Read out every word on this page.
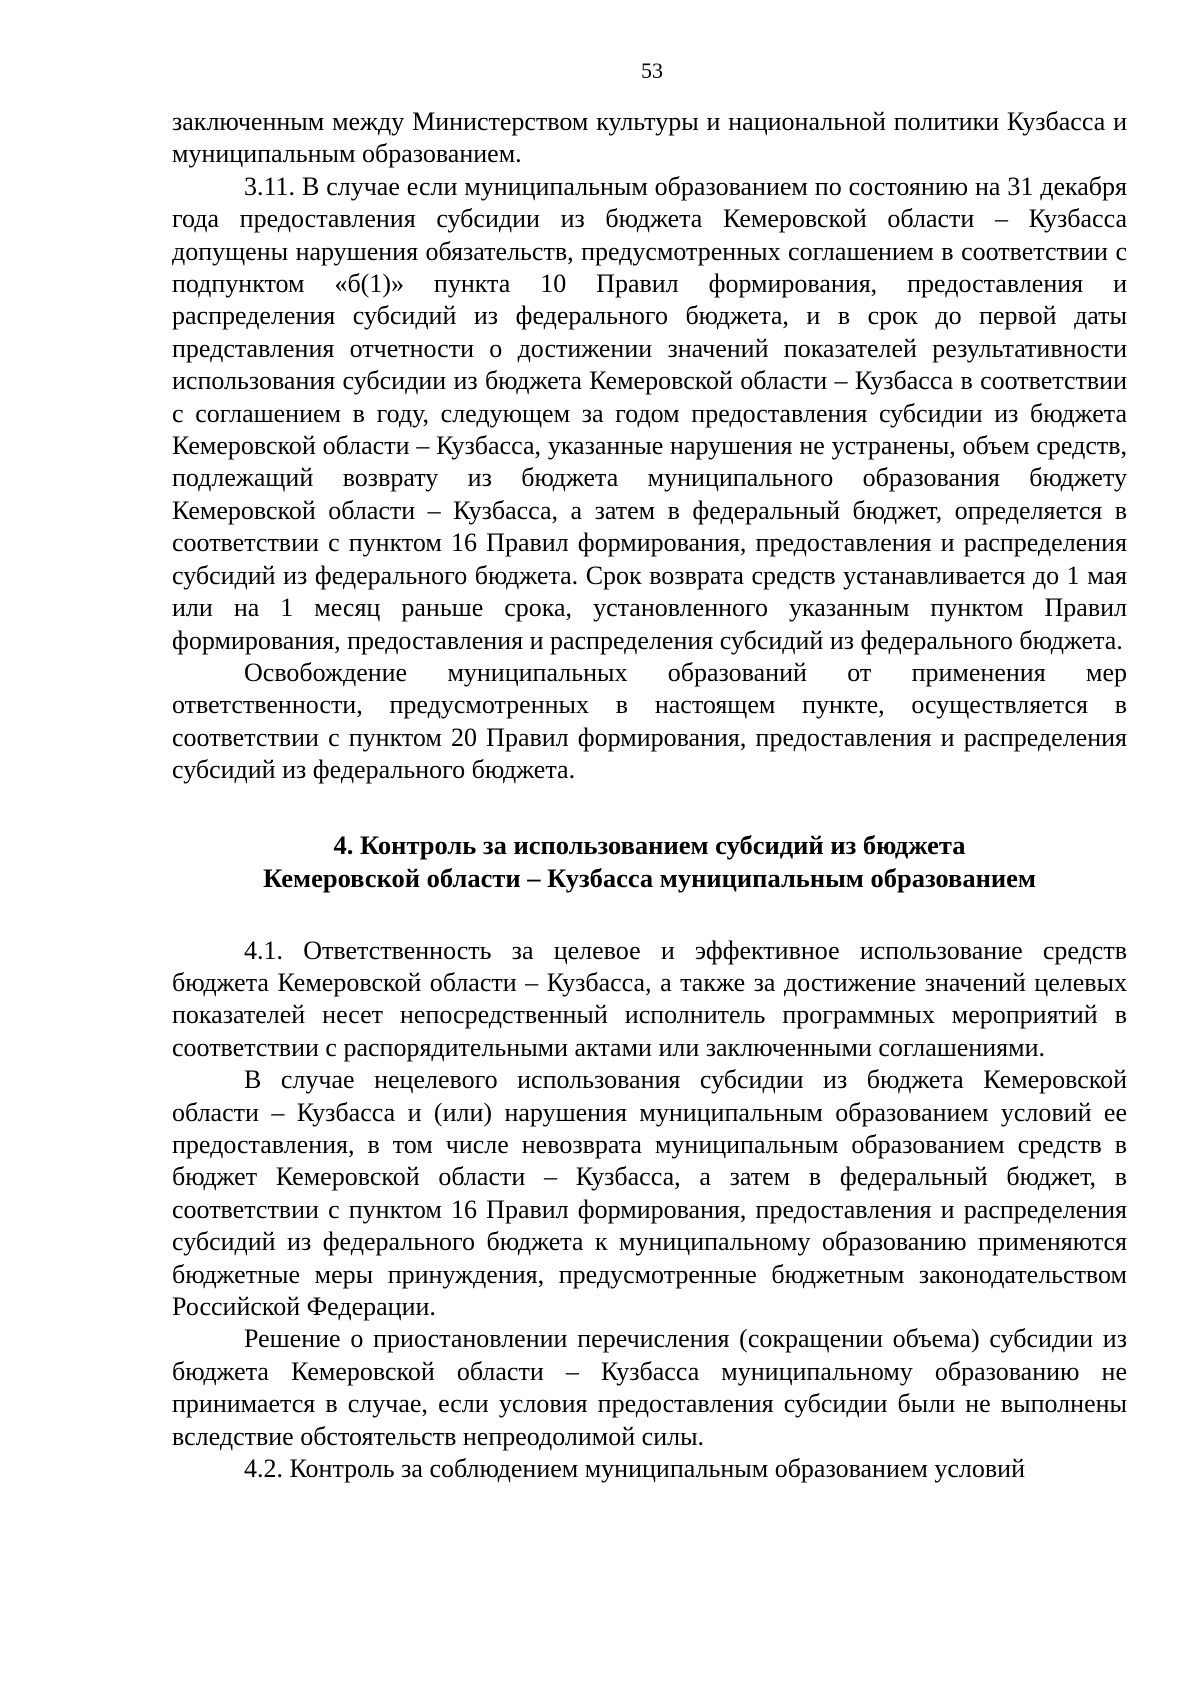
53

заключенным между Министерством культуры и национальной политики Кузбасса и муниципальным образованием.

3.11. В случае если муниципальным образованием по состоянию на 31 декабря года предоставления субсидии из бюджета Кемеровской области – Кузбасса допущены нарушения обязательств, предусмотренных соглашением в соответствии с подпунктом «б(1)» пункта 10 Правил формирования, предоставления и распределения субсидий из федерального бюджета, и в срок до первой даты представления отчетности о достижении значений показателей результативности использования субсидии из бюджета Кемеровской области – Кузбасса в соответствии с соглашением в году, следующем за годом предоставления субсидии из бюджета Кемеровской области – Кузбасса, указанные нарушения не устранены, объем средств, подлежащий возврату из бюджета муниципального образования бюджету Кемеровской области – Кузбасса, а затем в федеральный бюджет, определяется в соответствии с пунктом 16 Правил формирования, предоставления и распределения субсидий из федерального бюджета. Срок возврата средств устанавливается до 1 мая или на 1 месяц раньше срока, установленного указанным пунктом Правил формирования, предоставления и распределения субсидий из федерального бюджета.

Освобождение муниципальных образований от применения мер ответственности, предусмотренных в настоящем пункте, осуществляется в соответствии с пунктом 20 Правил формирования, предоставления и распределения субсидий из федерального бюджета.

4. Контроль за использованием субсидий из бюджета
Кемеровской области – Кузбасса муниципальным образованием

4.1. Ответственность за целевое и эффективное использование средств бюджета Кемеровской области – Кузбасса, а также за достижение значений целевых показателей несет непосредственный исполнитель программных мероприятий в соответствии с распорядительными актами или заключенными соглашениями.

В случае нецелевого использования субсидии из бюджета Кемеровской области – Кузбасса и (или) нарушения муниципальным образованием условий ее предоставления, в том числе невозврата муниципальным образованием средств в бюджет Кемеровской области – Кузбасса, а затем в федеральный бюджет, в соответствии с пунктом 16 Правил формирования, предоставления и распределения субсидий из федерального бюджета к муниципальному образованию применяются бюджетные меры принуждения, предусмотренные бюджетным законодательством Российской Федерации.

Решение о приостановлении перечисления (сокращении объема) субсидии из бюджета Кемеровской области – Кузбасса муниципальному образованию не принимается в случае, если условия предоставления субсидии были не выполнены вследствие обстоятельств непреодолимой силы.

4.2. Контроль за соблюдением муниципальным образованием условий
